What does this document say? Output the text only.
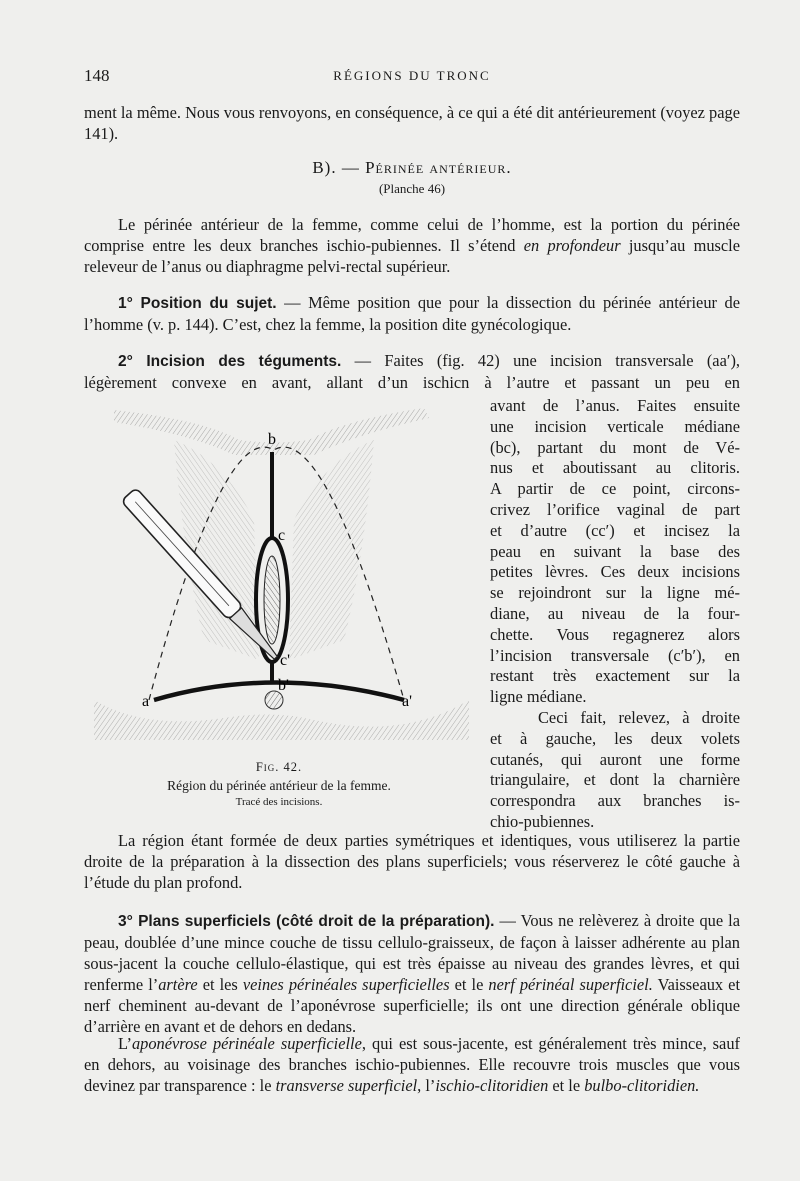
148	RÉGIONS DU TRONC
ment la même. Nous vous renvoyons, en conséquence, à ce qui a été dit antérieurement (voyez page 141).
B). — Périnée antérieur.
(Planche 46)
Le périnée antérieur de la femme, comme celui de l’homme, est la portion du périnée comprise entre les deux branches ischio-pubiennes. Il s’étend en profondeur jusqu’au muscle releveur de l’anus ou diaphragme pelvi-rectal supérieur.
1° Position du sujet. — Même position que pour la dissection du périnée antérieur de l’homme (v. p. 144). C’est, chez la femme, la position dite gynécologique.
2° Incision des téguments. — Faites (fig. 42) une incision transversale (aa′),
légèrement convexe en avant, allant d’un ischicn à l’autre et passant un peu en
b
c
c'
b'
a	a'
Fig. 42.
Région du périnée antérieur de la femme.
Tracé des incisions.
avant de l’anus. Faites ensuite
une incision verticale médiane
(bc), partant du mont de Vé-
nus et aboutissant au clitoris.
A partir de ce point, circons-
crivez l’orifice vaginal de part
et d’autre (cc′) et incisez la
peau en suivant la base des
petites lèvres. Ces deux incisions
se rejoindront sur la ligne mé-
diane, au niveau de la four-
chette. Vous regagnerez alors
l’incision transversale (c′b′), en
restant très exactement sur la
ligne médiane.
Ceci fait, relevez, à droite
et à gauche, les deux volets
cutanés, qui auront une forme
triangulaire, et dont la charnière
correspondra aux branches is-
chio-pubiennes.
La région étant formée de deux parties symétriques et identiques, vous utiliserez la partie droite de la préparation à la dissection des plans superficiels; vous réserverez le côté gauche à l’étude du plan profond.
3° Plans superficiels (côté droit de la préparation). — Vous ne relèverez à droite que la peau, doublée d’une mince couche de tissu cellulo-graisseux, de façon à laisser adhérente au plan sous-jacent la couche cellulo-élastique, qui est très épaisse au niveau des grandes lèvres, et qui renferme l’artère et les veines périnéales superficielles et le nerf périnéal superficiel. Vaisseaux et nerf cheminent au-devant de l’aponévrose superficielle; ils ont une direction générale oblique d’arrière en avant et de dehors en dedans.
L’aponévrose périnéale superficielle, qui est sous-jacente, est généralement très mince, sauf en dehors, au voisinage des branches ischio-pubiennes. Elle recouvre trois muscles que vous devinez par transparence : le transverse superficiel, l’ischio-clitoridien et le bulbo-clitoridien.
